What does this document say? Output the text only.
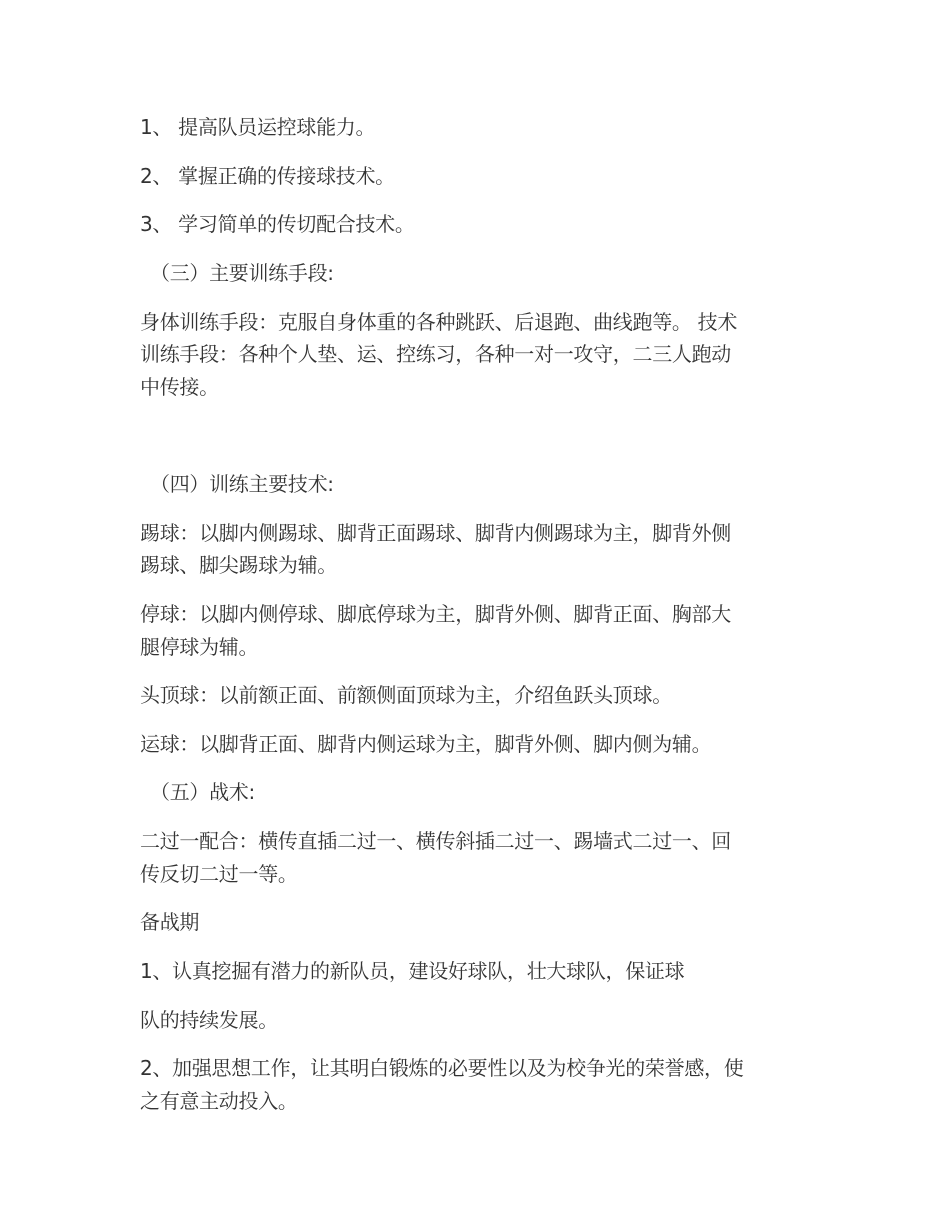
1、 提高队员运控球能力。
2、 掌握正确的传接球技术。
3、 学习简单的传切配合技术。
（三）主要训练手段:
身体训练手段：克服自身体重的各种跳跃、后退跑、曲线跑等。 技术
训练手段：各种个人垫、运、控练习，各种一对一攻守，二三人跑动
中传接。
（四）训练主要技术:
踢球：以脚内侧踢球、脚背正面踢球、脚背内侧踢球为主，脚背外侧
踢球、脚尖踢球为辅。
停球：以脚内侧停球、脚底停球为主，脚背外侧、脚背正面、胸部大
腿停球为辅。
头顶球：以前额正面、前额侧面顶球为主，介绍鱼跃头顶球。
运球：以脚背正面、脚背内侧运球为主，脚背外侧、脚内侧为辅。
（五）战术:
二过一配合：横传直插二过一、横传斜插二过一、踢墙式二过一、回
传反切二过一等。
备战期
1、认真挖掘有潜力的新队员，建设好球队，壮大球队，保证球
队的持续发展。
2、加强思想工作，让其明白锻炼的必要性以及为校争光的荣誉感，使
之有意主动投入。
